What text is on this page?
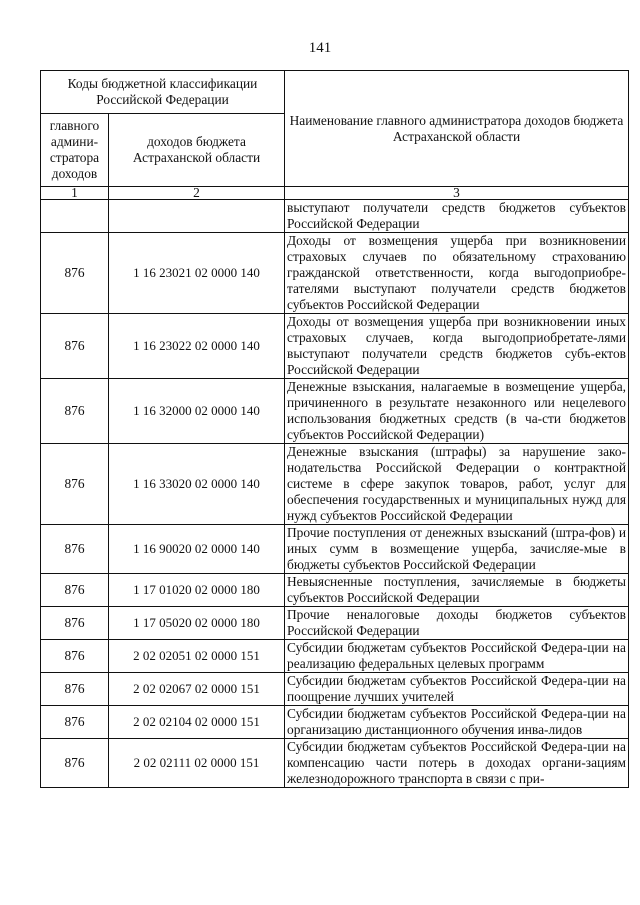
141
Коды бюджетной классификации Российской Федерации		Наименование главного администратора доходов бюджета Астраханской области
главного админи-стратора доходов	доходов бюджета Астраханской области	
1	2	3
		выступают получатели средств бюджетов субъектов Российской Федерации
876	1 16 23021 02 0000 140	Доходы от возмещения ущерба при возникновении страховых случаев по обязательному страхованию гражданской ответственности, когда выгодоприобре-тателями выступают получатели средств бюджетов субъектов Российской Федерации
876	1 16 23022 02 0000 140	Доходы от возмещения ущерба при возникновении иных страховых случаев, когда выгодоприобретате-лями выступают получатели средств бюджетов субъ-ектов Российской Федерации
876	1 16 32000 02 0000 140	Денежные взыскания, налагаемые в возмещение ущерба, причиненного в результате незаконного или нецелевого использования бюджетных средств (в ча-сти бюджетов субъектов Российской Федерации)
876	1 16 33020 02 0000 140	Денежные взыскания (штрафы) за нарушение зако-нодательства Российской Федерации о контрактной системе в сфере закупок товаров, работ, услуг для обеспечения государственных и муниципальных нужд для нужд субъектов Российской Федерации
876	1 16 90020 02 0000 140	Прочие поступления от денежных взысканий (штра-фов) и иных сумм в возмещение ущерба, зачисляе-мые в бюджеты субъектов Российской Федерации
876	1 17 01020 02 0000 180	Невыясненные поступления, зачисляемые в бюджеты субъектов Российской Федерации
876	1 17 05020 02 0000 180	Прочие неналоговые доходы бюджетов субъектов Российской Федерации
876	2 02 02051 02 0000 151	Субсидии бюджетам субъектов Российской Федера-ции на реализацию федеральных целевых программ
876	2 02 02067 02 0000 151	Субсидии бюджетам субъектов Российской Федера-ции на поощрение лучших учителей
876	2 02 02104 02 0000 151	Субсидии бюджетам субъектов Российской Федера-ции на организацию дистанционного обучения инва-лидов
876	2 02 02111 02 0000 151	Субсидии бюджетам субъектов Российской Федера-ции на компенсацию части потерь в доходах органи-зациям железнодорожного транспорта в связи с при-
